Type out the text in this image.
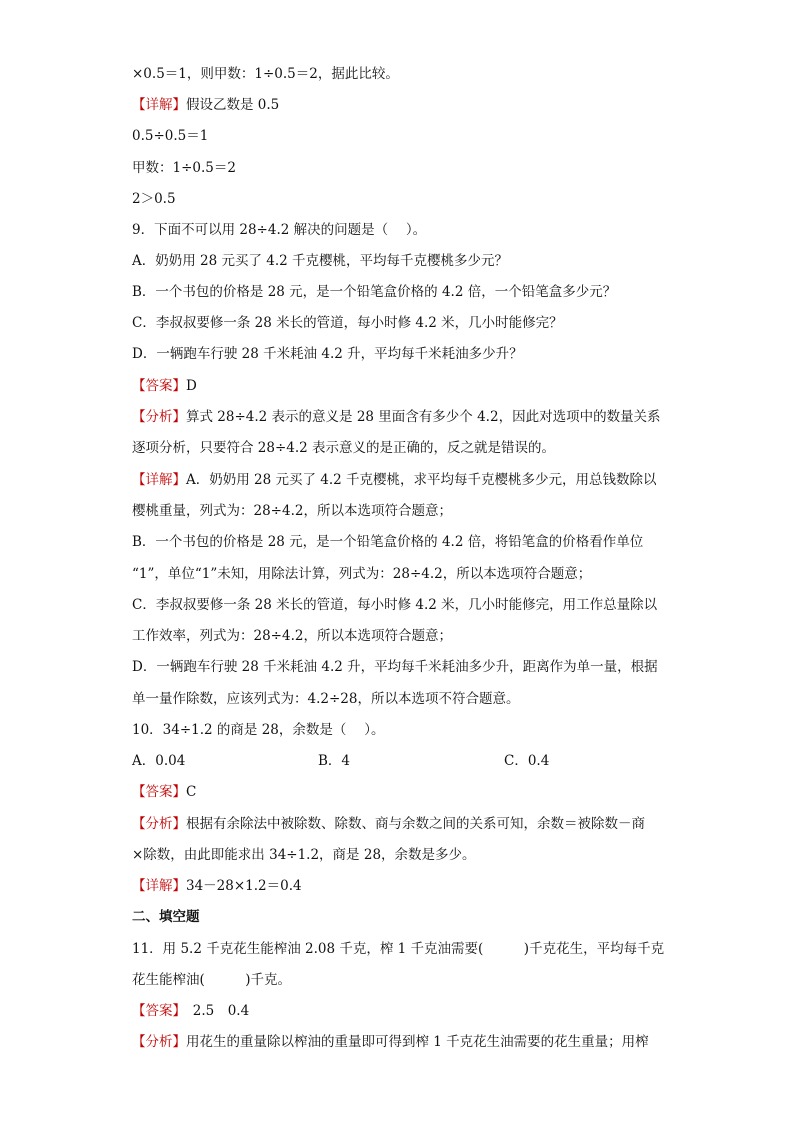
×0.5＝1，则甲数：1÷0.5＝2，据此比较。
【详解】假设乙数是 0.5
0.5÷0.5＝1
甲数：1÷0.5＝2
2＞0.5
9．下面不可以用 28÷4.2 解决的问题是（　 ）。
A．奶奶用 28 元买了 4.2 千克樱桃，平均每千克樱桃多少元？
B．一个书包的价格是 28 元，是一个铅笔盒价格的 4.2 倍，一个铅笔盒多少元？
C．李叔叔要修一条 28 米长的管道，每小时修 4.2 米，几小时能修完？
D．一辆跑车行驶 28 千米耗油 4.2 升，平均每千米耗油多少升？
【答案】D
【分析】算式 28÷4.2 表示的意义是 28 里面含有多少个 4.2，因此对选项中的数量关系
逐项分析，只要符合 28÷4.2 表示意义的是正确的，反之就是错误的。
【详解】A．奶奶用 28 元买了 4.2 千克樱桃，求平均每千克樱桃多少元，用总钱数除以
樱桃重量，列式为：28÷4.2，所以本选项符合题意；
B．一个书包的价格是 28 元，是一个铅笔盒价格的 4.2 倍，将铅笔盒的价格看作单位
“1”，单位“1”未知，用除法计算，列式为：28÷4.2，所以本选项符合题意；
C．李叔叔要修一条 28 米长的管道，每小时修 4.2 米，几小时能修完，用工作总量除以
工作效率，列式为：28÷4.2，所以本选项符合题意；
D．一辆跑车行驶 28 千米耗油 4.2 升，平均每千米耗油多少升，距离作为单一量，根据
单一量作除数，应该列式为：4.2÷28，所以本选项不符合题意。
10．34÷1.2 的商是 28，余数是（　 ）。
A．0.04	B．4	C．0.4
【答案】C
【分析】根据有余除法中被除数、除数、商与余数之间的关系可知，余数＝被除数－商
×除数，由此即能求出 34÷1.2，商是 28，余数是多少。
【详解】34－28×1.2＝0.4
二、填空题
11．用 5.2 千克花生能榨油 2.08 千克，榨 1 千克油需要(　　　)千克花生，平均每千克
花生能榨油(　　　)千克。
【答案】　2.5　0.4
【分析】用花生的重量除以榨油的重量即可得到榨 1 千克花生油需要的花生重量；用榨
